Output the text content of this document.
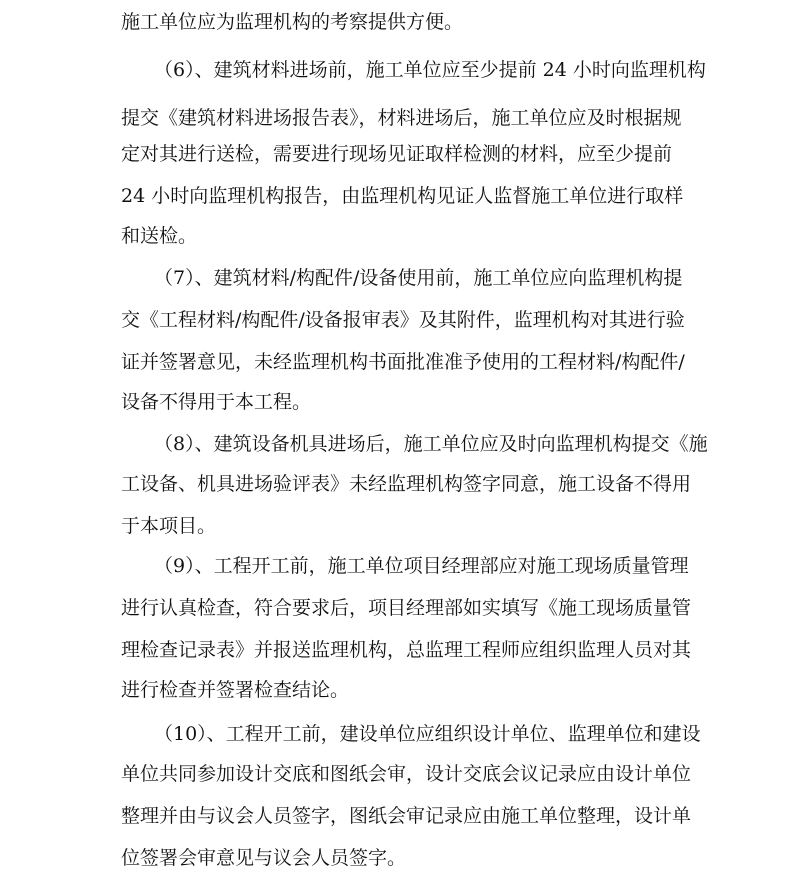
施工单位应为监理机构的考察提供方便。
（6）、建筑材料进场前，施工单位应至少提前 24 小时向监理机构
提交《建筑材料进场报告表》，材料进场后，施工单位应及时根据规
定对其进行送检，需要进行现场见证取样检测的材料，应至少提前
24 小时向监理机构报告，由监理机构见证人监督施工单位进行取样
和送检。
（7）、建筑材料/构配件/设备使用前，施工单位应向监理机构提
交《工程材料/构配件/设备报审表》及其附件，监理机构对其进行验
证并签署意见，未经监理机构书面批准准予使用的工程材料/构配件/
设备不得用于本工程。
（8）、建筑设备机具进场后，施工单位应及时向监理机构提交《施
工设备、机具进场验评表》未经监理机构签字同意，施工设备不得用
于本项目。
（9）、工程开工前，施工单位项目经理部应对施工现场质量管理
进行认真检查，符合要求后，项目经理部如实填写《施工现场质量管
理检查记录表》并报送监理机构，总监理工程师应组织监理人员对其
进行检查并签署检查结论。
（10）、工程开工前，建设单位应组织设计单位、监理单位和建设
单位共同参加设计交底和图纸会审，设计交底会议记录应由设计单位
整理并由与议会人员签字，图纸会审记录应由施工单位整理，设计单
位签署会审意见与议会人员签字。
